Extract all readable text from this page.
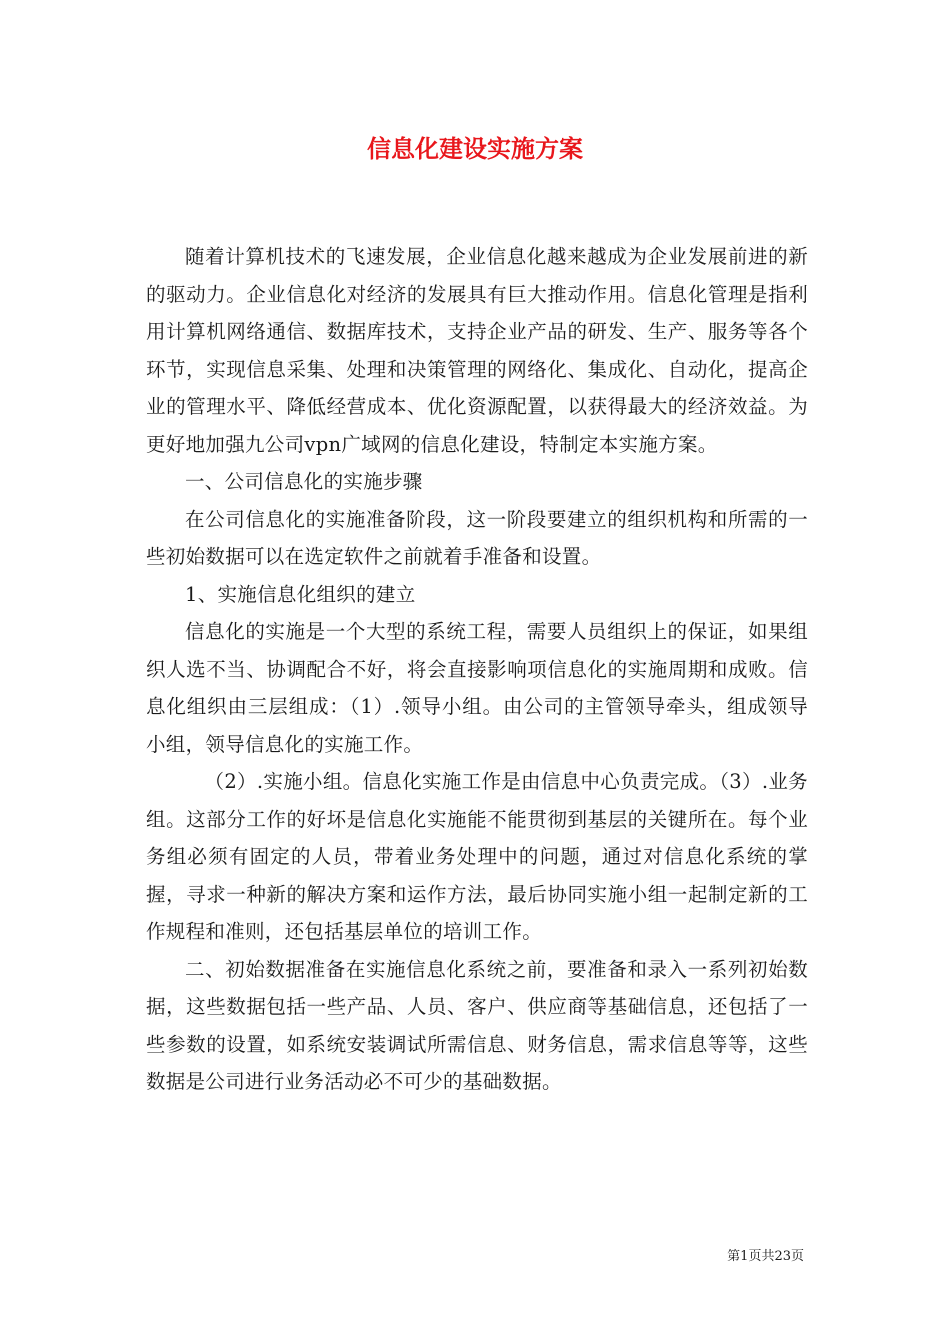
信息化建设实施方案

随着计算机技术的飞速发展，企业信息化越来越成为企业发展前进的新的驱动力。企业信息化对经济的发展具有巨大推动作用。信息化管理是指利用计算机网络通信、数据库技术，支持企业产品的研发、生产、服务等各个环节，实现信息采集、处理和决策管理的网络化、集成化、自动化，提高企业的管理水平、降低经营成本、优化资源配置，以获得最大的经济效益。为更好地加强九公司vpn广域网的信息化建设，特制定本实施方案。

一、公司信息化的实施步骤

在公司信息化的实施准备阶段，这一阶段要建立的组织机构和所需的一些初始数据可以在选定软件之前就着手准备和设置。

1、实施信息化组织的建立

信息化的实施是一个大型的系统工程，需要人员组织上的保证，如果组织人选不当、协调配合不好，将会直接影响项信息化的实施周期和成败。信息化组织由三层组成：（1）.领导小组。由公司的主管领导牵头，组成领导小组，领导信息化的实施工作。

（2）.实施小组。信息化实施工作是由信息中心负责完成。（3）.业务组。这部分工作的好坏是信息化实施能不能贯彻到基层的关键所在。每个业务组必须有固定的人员，带着业务处理中的问题，通过对信息化系统的掌握，寻求一种新的解决方案和运作方法，最后协同实施小组一起制定新的工作规程和准则，还包括基层单位的培训工作。

二、初始数据准备在实施信息化系统之前，要准备和录入一系列初始数据，这些数据包括一些产品、人员、客户、供应商等基础信息，还包括了一些参数的设置，如系统安装调试所需信息、财务信息，需求信息等等，这些数据是公司进行业务活动必不可少的基础数据。

第1页共23页
